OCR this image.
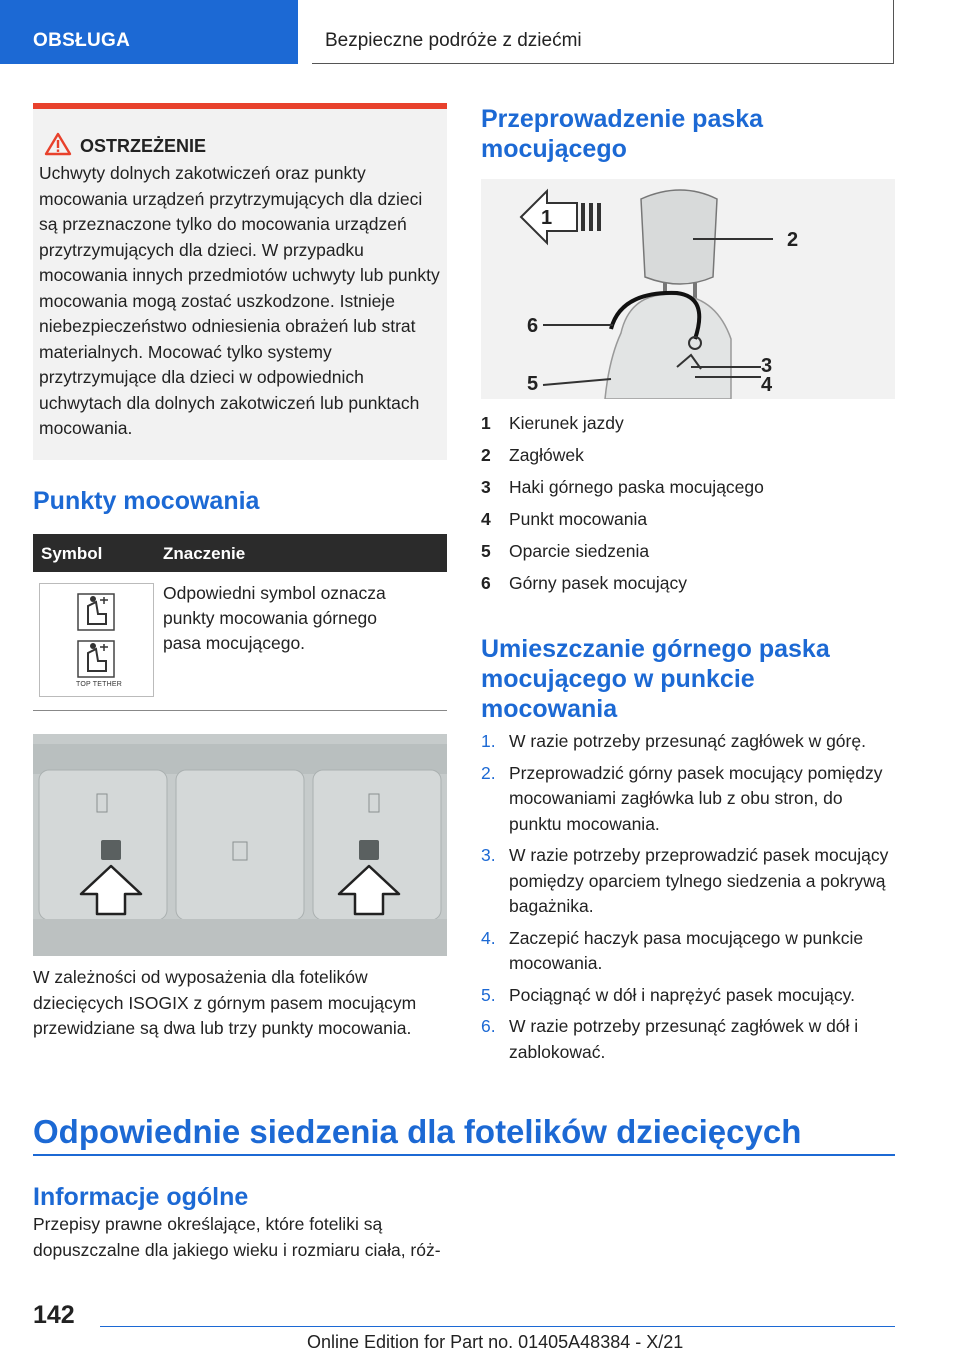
OBSŁUGA	Bezpieczne podróże z dziećmi
OSTRZEŻENIE
Uchwyty dolnych zakotwiczeń oraz punkty mocowania urządzeń przytrzymujących dla dzieci są przeznaczone tylko do mocowania urządzeń przytrzymujących dla dzieci. W przypadku mocowania innych przedmiotów uchwyty lub punkty mocowania mogą zostać uszkodzone. Istnieje niebezpieczeństwo odniesienia obrażeń lub strat materialnych. Mocować tylko systemy przytrzymujące dla dzieci w odpowiednich uchwytach dla dolnych zakotwiczeń lub punktach mocowania.
Punkty mocowania
Symbol	Znaczenie
TOP TETHER
Odpowiedni symbol oznacza punkty mocowania górnego pasa mocującego.
W zależności od wyposażenia dla fotelików dziecięcych ISOGIX z górnym pasem mocującym przewidziane są dwa lub trzy punkty mocowania.
Przeprowadzenie paska mocującego
1
2
3
4
5
6
1	Kierunek jazdy
2	Zagłówek
3	Haki górnego paska mocującego
4	Punkt mocowania
5	Oparcie siedzenia
6	Górny pasek mocujący
Umieszczanie górnego paska mocującego w punkcie mocowania
1. W razie potrzeby przesunąć zagłówek w górę.
2. Przeprowadzić górny pasek mocujący pomiędzy mocowaniami zagłówka lub z obu stron, do punktu mocowania.
3. W razie potrzeby przeprowadzić pasek mocujący pomiędzy oparciem tylnego siedzenia a pokrywą bagażnika.
4. Zaczepić haczyk pasa mocującego w punkcie mocowania.
5. Pociągnąć w dół i naprężyć pasek mocujący.
6. W razie potrzeby przesunąć zagłówek w dół i zablokować.
Odpowiednie siedzenia dla fotelików dziecięcych
Informacje ogólne
Przepisy prawne określające, które foteliki są dopuszczalne dla jakiego wieku i rozmiaru ciała, róż-
142
Online Edition for Part no. 01405A48384 - X/21
